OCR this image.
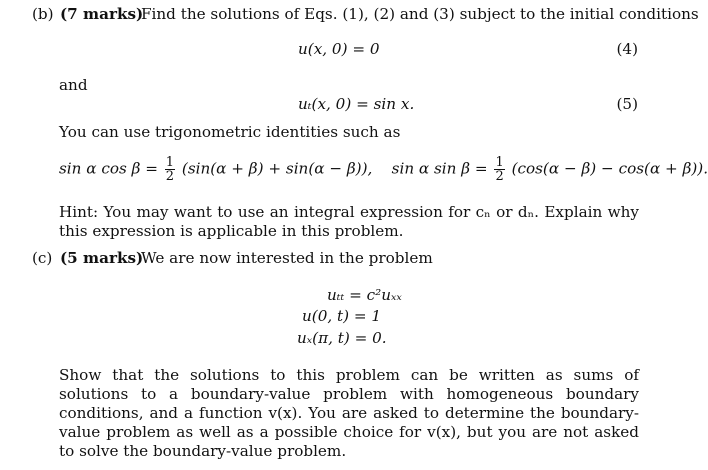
(b) (7 marks)
Find the solutions of Eqs. (1), (2) and (3) subject to the initial conditions
u(x, 0) = 0	(4)
and
uₜ(x, 0) = sin x.	(5)
You can use trigonometric identities such as
sin α $\cos \beta = \frac{1}{2} (\sin(\alpha + \beta) + \sin(\alpha - \beta))$, sin α $\sin \beta = \frac{1}{2} (\cos(\alpha - \beta) - \cos(\alpha + \beta))$.
Hint: You may want to use an integral expression for cₙ or dₙ. Explain why this expression is applicable in this problem.
(c) (5 marks)
We are now interested in the problem
uₜₜ = c²uₓₓ
u(0, t) = 1
uₓ(π, t) = 0.
Show that the solutions to this problem can be written as sums of solutions to a boundary-value problem with homogeneous boundary conditions, and a function v(x). You are asked to determine the boundary-value problem as well as a possible choice for v(x), but you are not asked to solve the boundary-value problem.
